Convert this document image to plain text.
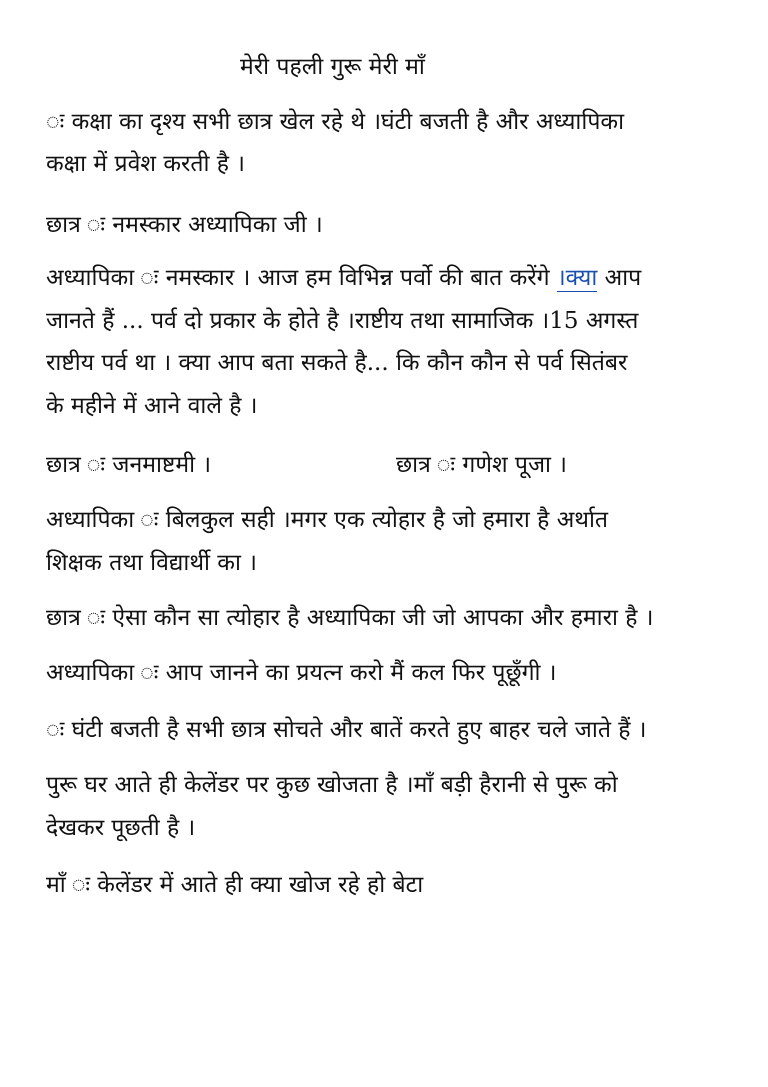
मेरी पहली गुरू मेरी माँ
ः कक्षा का दृश्य सभी छात्र खेल रहे थे ।घंटी बजती है और अध्यापिका
कक्षा में प्रवेश करती है ।
छात्र ः नमस्कार अध्यापिका जी ।
अध्यापिका ः नमस्कार । आज हम विभिन्न पर्वो की बात करेंगे ।क्या आप
जानते हैं ... पर्व दो प्रकार के होते है ।राष्टीय तथा सामाजिक ।15 अगस्त
राष्टीय पर्व था । क्या आप बता सकते है... कि कौन कौन से पर्व सितंबर
के महीने में आने वाले है ।
छात्र ः जनमाष्टमी ।	छात्र ः गणेश पूजा ।
अध्यापिका ः बिलकुल सही ।मगर एक त्योहार है जो हमारा है अर्थात
शिक्षक तथा विद्यार्थी का ।
छात्र ः ऐसा कौन सा त्योहार है अध्यापिका जी जो आपका और हमारा है ।
अध्यापिका ः आप जानने का प्रयत्न करो मैं कल फिर पूछूँगी ।
ः घंटी बजती है सभी छात्र सोचते और बातें करते हुए बाहर चले जाते हैं ।
पुरू घर आते ही केलेंडर पर कुछ खोजता है ।माँ बड़ी हैरानी से पुरू को
देखकर पूछती है ।
माँ ः केलेंडर में आते ही क्या खोज रहे हो बेटा
